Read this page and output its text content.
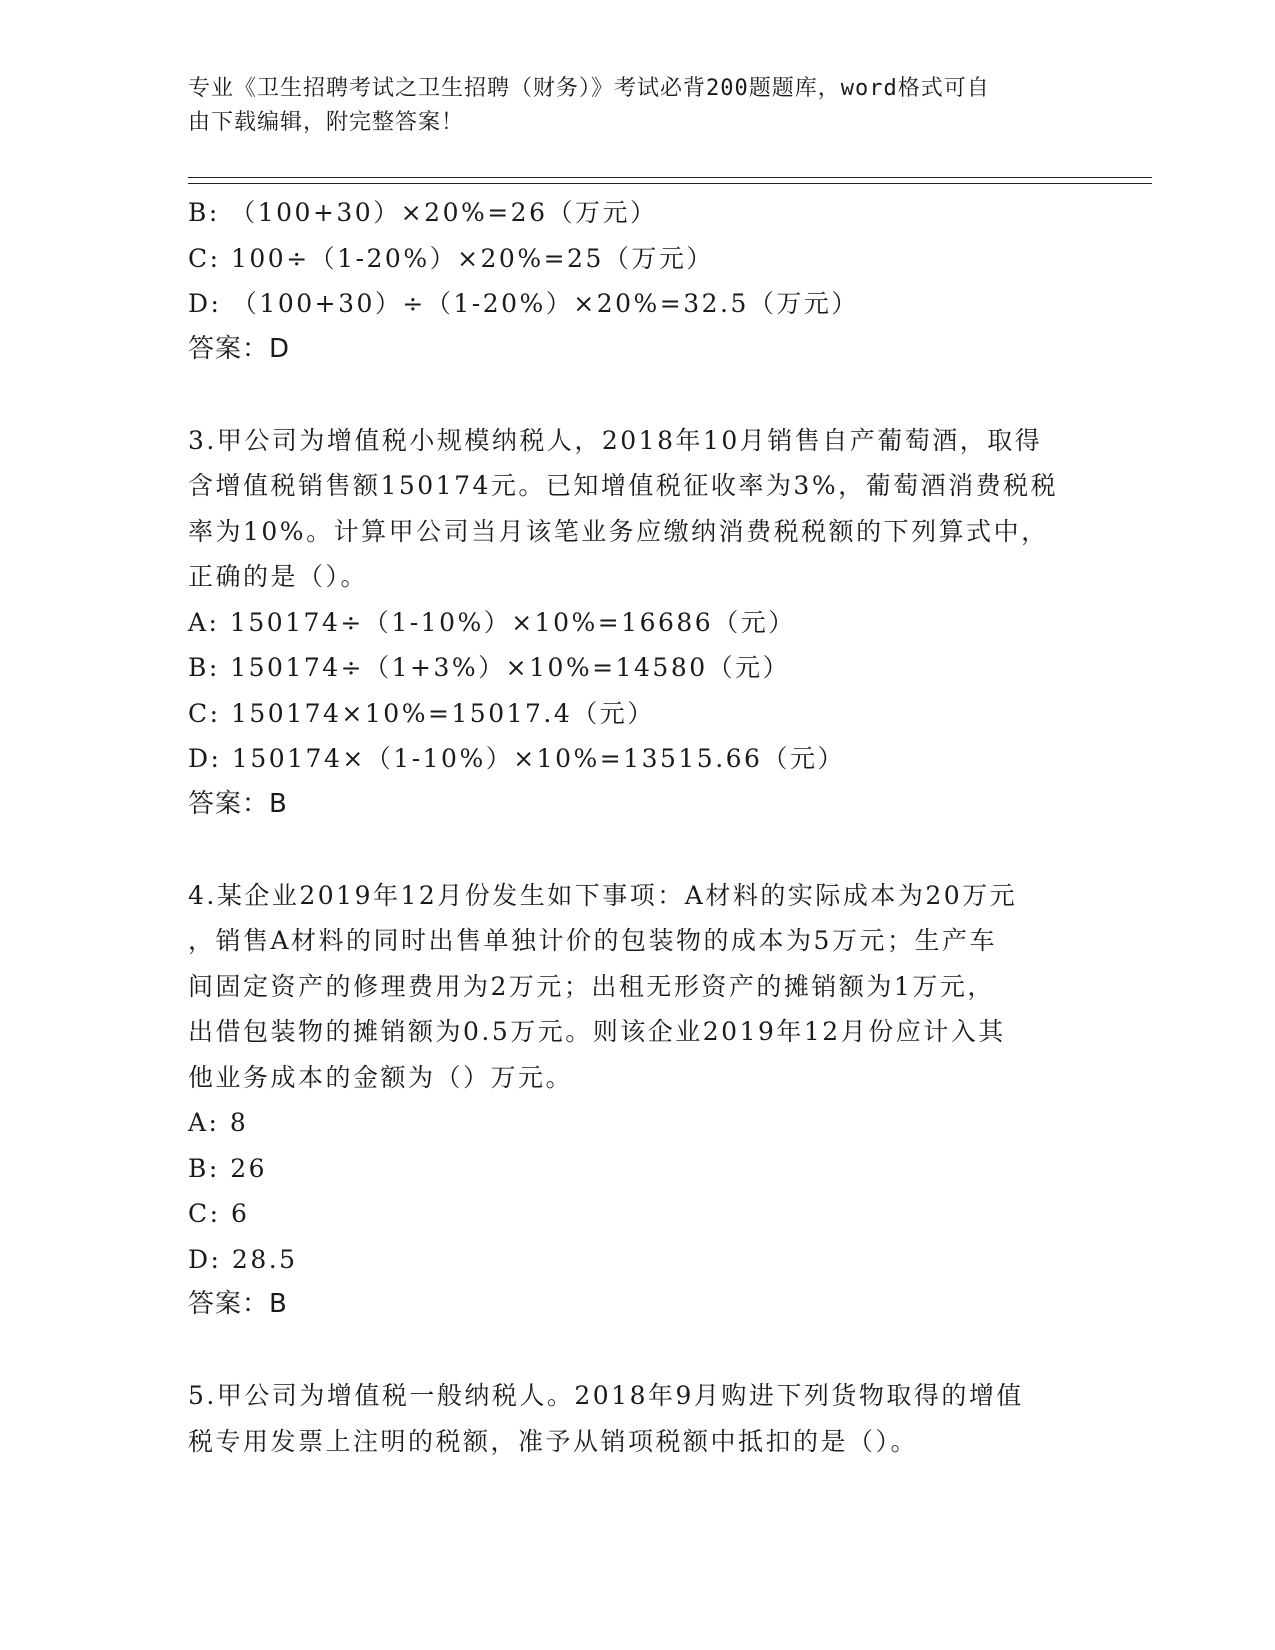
专业《卫生招聘考试之卫生招聘（财务）》考试必背200题题库，word格式可自
由下载编辑，附完整答案！

B: （100+30）×20%=26（万元）

C: 100÷（1-20%）×20%=25（万元）

D: （100+30）÷（1-20%）×20%=32.5（万元）

答案：D

3.甲公司为增值税小规模纳税人，2018年10月销售自产葡萄酒，取得

含增值税销售额150174元。已知增值税征收率为3%，葡萄酒消费税税

率为10%。计算甲公司当月该笔业务应缴纳消费税税额的下列算式中，

正确的是（）。

A: 150174÷（1-10%）×10%=16686（元）

B: 150174÷（1+3%）×10%=14580（元）

C: 150174×10%=15017.4（元）

D: 150174×（1-10%）×10%=13515.66（元）

答案：B

4.某企业2019年12月份发生如下事项：A材料的实际成本为20万元

，销售A材料的同时出售单独计价的包装物的成本为5万元；生产车

间固定资产的修理费用为2万元；出租无形资产的摊销额为1万元，

出借包装物的摊销额为0.5万元。则该企业2019年12月份应计入其

他业务成本的金额为（）万元。

A: 8

B: 26

C: 6

D: 28.5

答案：B

5.甲公司为增值税一般纳税人。2018年9月购进下列货物取得的增值

税专用发票上注明的税额，准予从销项税额中抵扣的是（）。
